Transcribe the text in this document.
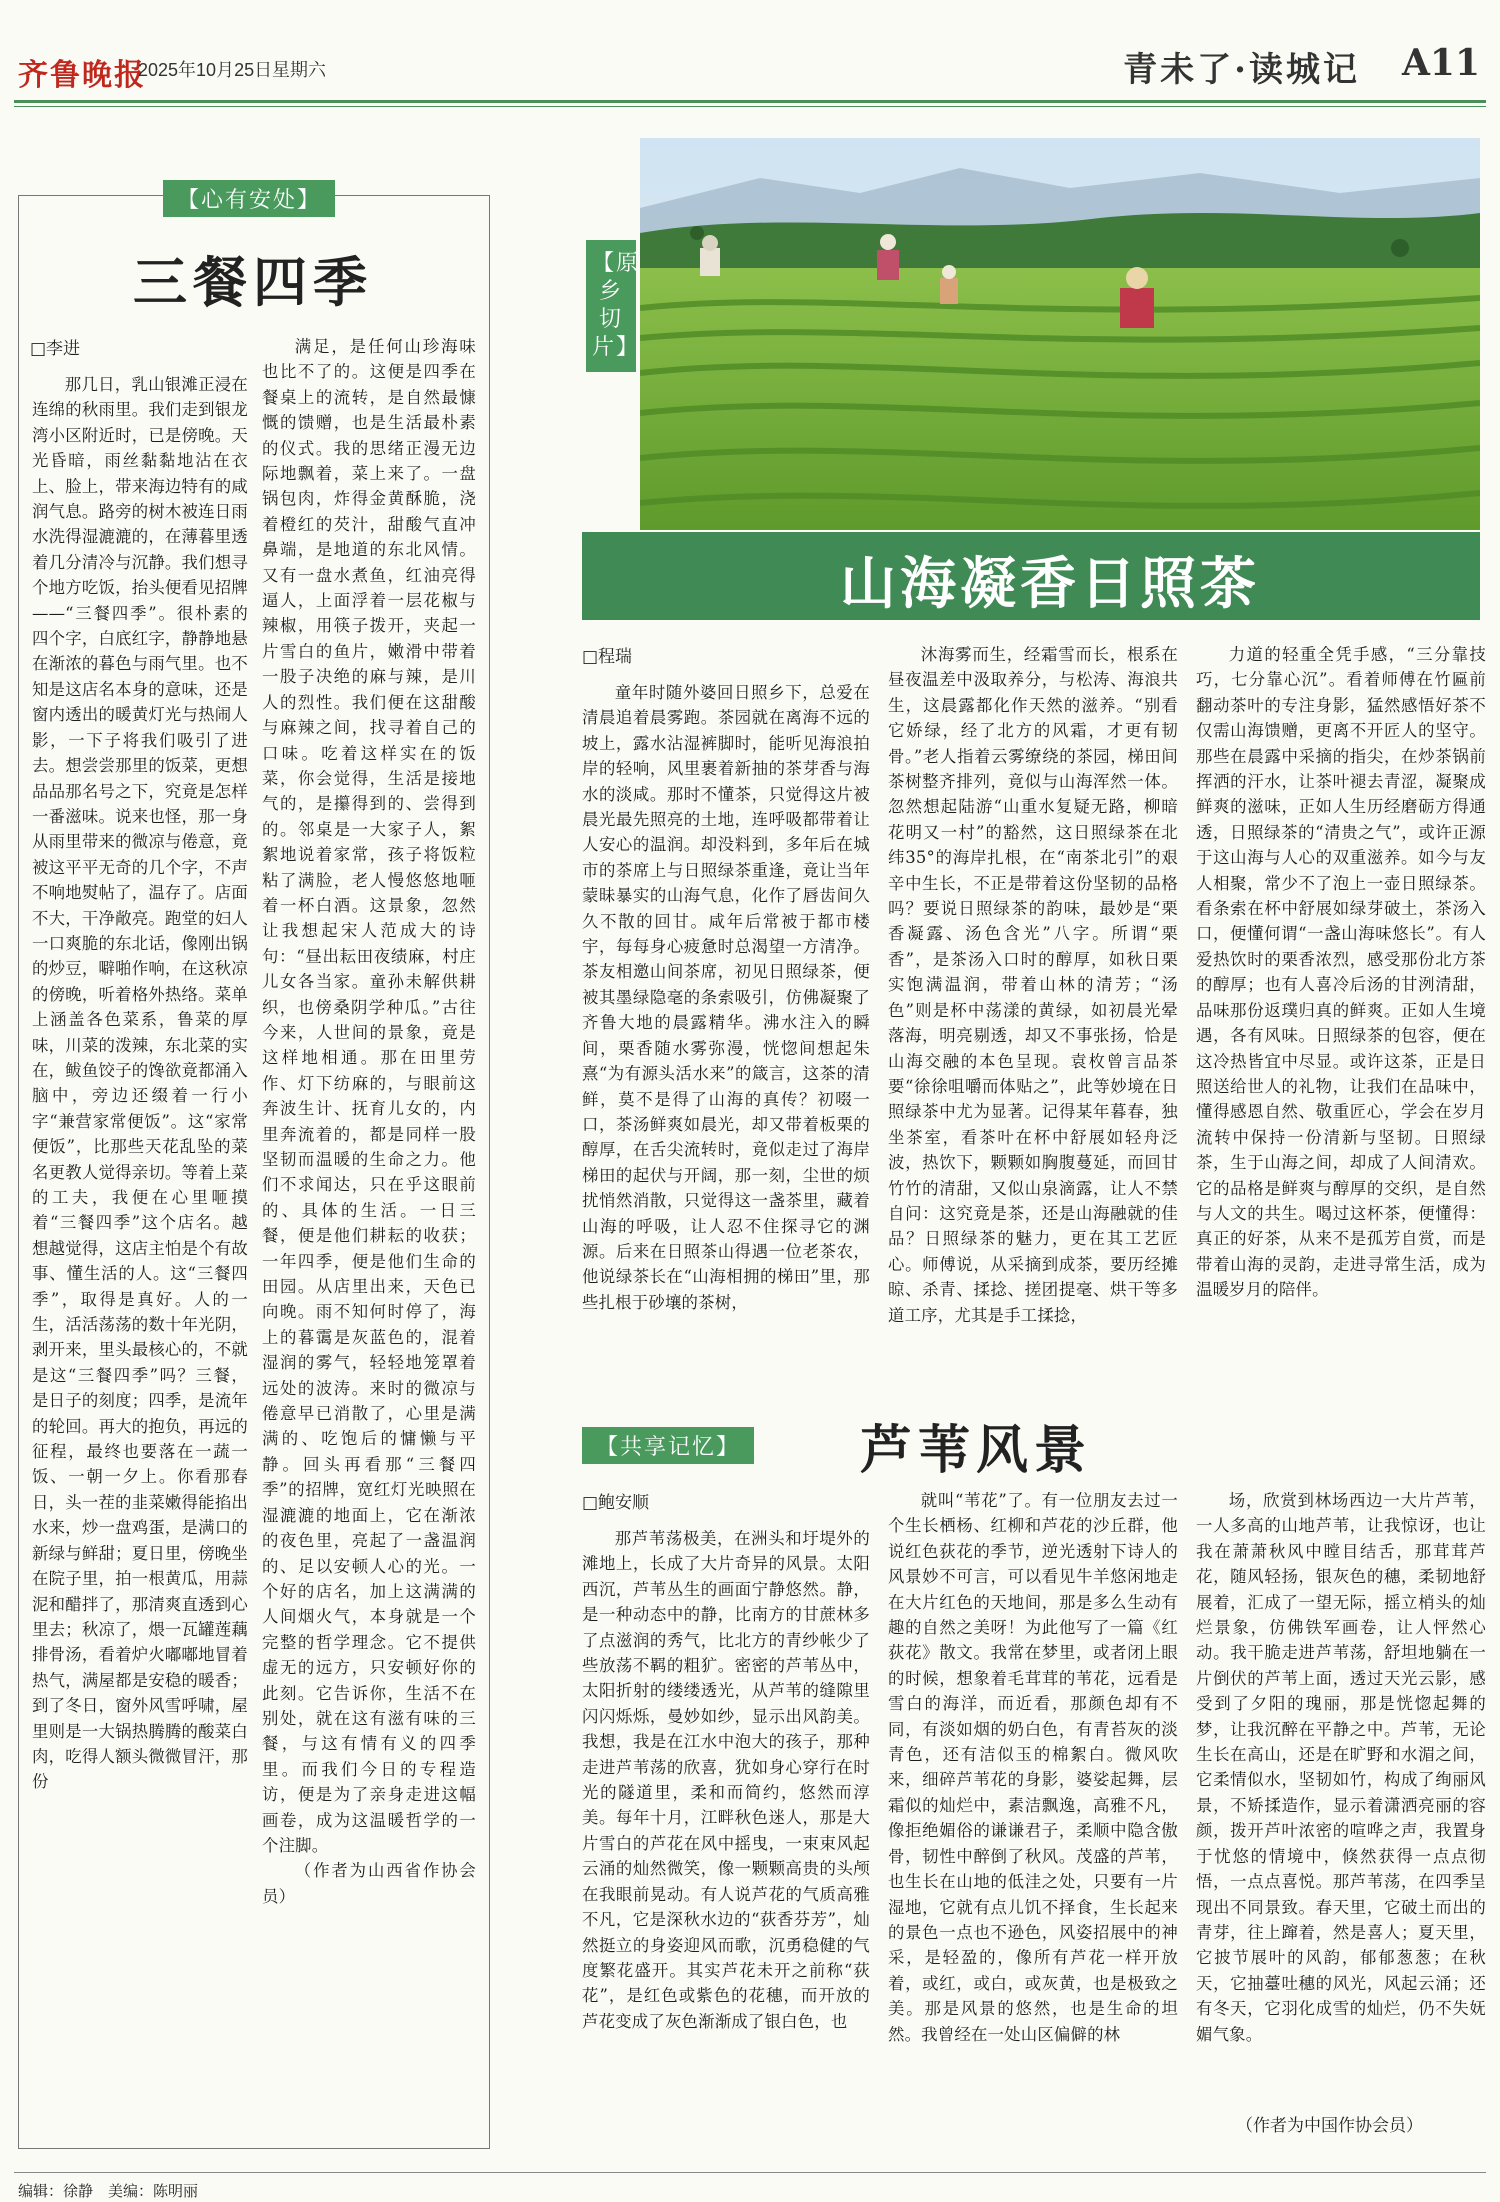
齐鲁晚报
2025年10月25日 星期六	青未了·读城记 A11
【心有安处】
三餐四季
□李进

那几日，乳山银滩正浸在连绵的秋雨里。我们走到银龙湾小区附近时，已是傍晚。天光昏暗，雨丝黏黏地沾在衣上、脸上，带来海边特有的咸润气息。路旁的树木被连日雨水洗得湿漉漉的，在薄暮里透着几分清冷与沉静。我们想寻个地方吃饭，抬头便看见招牌——“三餐四季”。很朴素的四个字，白底红字，静静地悬在渐浓的暮色与雨气里。也不知是这店名本身的意味，还是窗内透出的暖黄灯光与热闹人影，一下子将我们吸引了进去。想尝尝那里的饭菜，更想品品那名号之下，究竟是怎样一番滋味。说来也怪，那一身从雨里带来的微凉与倦意，竟被这平平无奇的几个字，不声不响地熨帖了，温存了。店面不大，干净敞亮。跑堂的妇人一口爽脆的东北话，像刚出锅的炒豆，噼啪作响，在这秋凉的傍晚，听着格外热络。菜单上涵盖各色菜系，鲁菜的厚味，川菜的泼辣，东北菜的实在，鲅鱼饺子的馋欲竟都涌入脑中，旁边还缀着一行小字“兼营家常便饭”。这“家常便饭”，比那些天花乱坠的菜名更教人觉得亲切。等着上菜的工夫，我便在心里咂摸着“三餐四季”这个店名。越想越觉得，这店主怕是个有故事、懂生活的人。这“三餐四季”，取得是真好。人的一生，活活荡荡的数十年光阴，剥开来，里头最核心的，不就是这“三餐四季”吗？三餐，是日子的刻度；四季，是流年的轮回。再大的抱负，再远的征程，最终也要落在一蔬一饭、一朝一夕上。你看那春日，头一茬的韭菜嫩得能掐出水来，炒一盘鸡蛋，是满口的新绿与鲜甜；夏日里，傍晚坐在院子里，拍一根黄瓜，用蒜泥和醋拌了，那清爽直透到心里去；秋凉了，煨一瓦罐莲藕排骨汤，看着炉火嘟嘟地冒着热气，满屋都是安稳的暖香；到了冬日，窗外风雪呼啸，屋里则是一大锅热腾腾的酸菜白肉，吃得人额头微微冒汗，那份

满足，是任何山珍海味也比不了的。这便是四季在餐桌上的流转，是自然最慷慨的馈赠，也是生活最朴素的仪式。我的思绪正漫无边际地飘着，菜上来了。一盘锅包肉，炸得金黄酥脆，浇着橙红的芡汁，甜酸气直冲鼻端，是地道的东北风情。又有一盘水煮鱼，红油亮得逼人，上面浮着一层花椒与辣椒，用筷子拨开，夹起一片雪白的鱼片，嫩滑中带着一股子决绝的麻与辣，是川人的烈性。我们便在这甜酸与麻辣之间，找寻着自己的口味。吃着这样实在的饭菜，你会觉得，生活是接地气的，是攥得到的、尝得到的。邻桌是一大家子人，絮絮地说着家常，孩子将饭粒粘了满脸，老人慢悠悠地咂着一杯白酒。这景象，忽然让我想起宋人范成大的诗句：“昼出耘田夜绩麻，村庄儿女各当家。童孙未解供耕织，也傍桑阴学种瓜。”古往今来，人世间的景象，竟是这样地相通。那在田里劳作、灯下纺麻的，与眼前这奔波生计、抚育儿女的，内里奔流着的，都是同样一股坚韧而温暖的生命之力。他们不求闻达，只在乎这眼前的、具体的生活。一日三餐，便是他们耕耘的收获；一年四季，便是他们生命的田园。从店里出来，天色已向晚。雨不知何时停了，海上的暮霭是灰蓝色的，混着湿润的雾气，轻轻地笼罩着远处的波涛。来时的微凉与倦意早已消散了，心里是满满的、吃饱后的慵懒与平静。回头再看那“三餐四季”的招牌，宽红灯光映照在湿漉漉的地面上，它在渐浓的夜色里，亮起了一盏温润的、足以安顿人心的光。一个好的店名，加上这满满的人间烟火气，本身就是一个完整的哲学理念。它不提供虚无的远方，只安顿好你的此刻。它告诉你，生活不在别处，就在这有滋有味的三餐，与这有情有义的四季里。而我们今日的专程造访，便是为了亲身走进这幅画卷，成为这温暖哲学的一个注脚。

（作者为山西省作协会员）

【原乡切片】
山海凝香日照茶
□程瑞

童年时随外婆回日照乡下，总爱在清晨追着晨雾跑。茶园就在离海不远的坡上，露水沾湿裤脚时，能听见海浪拍岸的轻响，风里裹着新抽的茶芽香与海水的淡咸。那时不懂茶，只觉得这片被晨光最先照亮的土地，连呼吸都带着让人安心的温润。却没料到，多年后在城市的茶席上与日照绿茶重逢，竟让当年蒙昧暴实的山海气息，化作了唇齿间久久不散的回甘。咸年后常被于都市楼宇，每每身心疲惫时总渴望一方清净。茶友相邀山间茶席，初见日照绿茶，便被其墨绿隐毫的条索吸引，仿佛凝聚了齐鲁大地的晨露精华。沸水注入的瞬间，栗香随水雾弥漫，恍惚间想起朱熹“为有源头活水来”的箴言，这茶的清鲜，莫不是得了山海的真传？初啜一口，茶汤鲜爽如晨光，却又带着板栗的醇厚，在舌尖流转时，竟似走过了海岸梯田的起伏与开阔，那一刻，尘世的烦扰悄然消散，只觉得这一盏茶里，藏着山海的呼吸，让人忍不住探寻它的渊源。后来在日照茶山得遇一位老茶农，他说绿茶长在“山海相拥的梯田”里，那些扎根于砂壤的茶树，

沐海雾而生，经霜雪而长，根系在昼夜温差中汲取养分，与松涛、海浪共生，这晨露都化作天然的滋养。“别看它娇绿，经了北方的风霜，才更有韧骨。”老人指着云雾缭绕的茶园，梯田间茶树整齐排列，竟似与山海浑然一体。忽然想起陆游“山重水复疑无路，柳暗花明又一村”的豁然，这日照绿茶在北纬35°的海岸扎根，在“南茶北引”的艰辛中生长，不正是带着这份坚韧的品格吗？要说日照绿茶的韵味，最妙是“栗香凝露、汤色含光”八字。所谓“栗香”，是茶汤入口时的醇厚，如秋日栗实饱满温润，带着山林的清芳；“汤色”则是杯中荡漾的黄绿，如初晨光晕落海，明亮剔透，却又不事张扬，恰是山海交融的本色呈现。袁枚曾言品茶要“徐徐咀嚼而体贴之”，此等妙境在日照绿茶中尤为显著。记得某年暮春，独坐茶室，看茶叶在杯中舒展如轻舟泛波，热饮下，颗颗如胸腹蔓延，而回甘竹竹的清甜，又似山泉滴露，让人不禁自问：这究竟是茶，还是山海融就的佳品？日照绿茶的魅力，更在其工艺匠心。师傅说，从采摘到成茶，要历经摊晾、杀青、揉捻、搓团提毫、烘干等多道工序，尤其是手工揉捻，

力道的轻重全凭手感，“三分靠技巧，七分靠心沉”。看着师傅在竹匾前翻动茶叶的专注身影，猛然感悟好茶不仅需山海馈赠，更离不开匠人的坚守。那些在晨露中采摘的指尖，在炒茶锅前挥洒的汗水，让茶叶褪去青涩，凝聚成鲜爽的滋味，正如人生历经磨砺方得通透，日照绿茶的“清贵之气”，或许正源于这山海与人心的双重滋养。如今与友人相聚，常少不了泡上一壶日照绿茶。看条索在杯中舒展如绿芽破土，茶汤入口，便懂何谓“一盏山海味悠长”。有人爱热饮时的栗香浓烈，感受那份北方茶的醇厚；也有人喜冷后汤的甘洌清甜，品味那份返璞归真的鲜爽。正如人生境遇，各有风味。日照绿茶的包容，便在这冷热皆宜中尽显。或许这茶，正是日照送给世人的礼物，让我们在品味中，懂得感恩自然、敬重匠心，学会在岁月流转中保持一份清新与坚韧。日照绿茶，生于山海之间，却成了人间清欢。它的品格是鲜爽与醇厚的交织，是自然与人文的共生。喝过这杯茶，便懂得：真正的好茶，从来不是孤芳自赏，而是带着山海的灵韵，走进寻常生活，成为温暖岁月的陪伴。

【共享记忆】 芦苇风景
□鲍安顺

那芦苇荡极美，在洲头和圩堤外的滩地上，长成了大片奇异的风景。太阳西沉，芦苇丛生的画面宁静悠然。静，是一种动态中的静，比南方的甘蔗林多了点滋润的秀气，比北方的青纱帐少了些放荡不羁的粗犷。密密的芦苇丛中，太阳折射的缕缕透光，从芦苇的缝隙里闪闪烁烁，曼妙如纱，显示出风韵美。我想，我是在江水中泡大的孩子，那种走进芦苇荡的欣喜，犹如身心穿行在时光的隧道里，柔和而简约，悠然而淳美。每年十月，江畔秋色迷人，那是大片雪白的芦花在风中摇曳，一束束风起云涌的灿然微笑，像一颗颗高贵的头颅在我眼前晃动。有人说芦花的气质高雅不凡，它是深秋水边的“荻香芬芳”，灿然挺立的身姿迎风而歌，沉勇稳健的气度繁花盛开。其实芦花未开之前称“荻花”，是红色或紫色的花穗，而开放的芦花变成了灰色渐渐成了银白色，也

就叫“苇花”了。有一位朋友去过一个生长栖杨、红柳和芦花的沙丘群，他说红色荻花的季节，逆光透射下诗人的风景妙不可言，可以看见牛羊悠闲地走在大片红色的天地间，那是多么生动有趣的自然之美呀！为此他写了一篇《红荻花》散文。我常在梦里，或者闭上眼的时候，想象着毛茸茸的苇花，远看是雪白的海洋，而近看，那颜色却有不同，有淡如烟的奶白色，有青苔灰的淡青色，还有洁似玉的棉絮白。微风吹来，细碎芦苇花的身影，婆娑起舞，层霜似的灿烂中，素洁飘逸，高雅不凡，像拒绝媚俗的谦谦君子，柔顺中隐含傲骨，韧性中醉倒了秋风。茂盛的芦苇，也生长在山地的低洼之处，只要有一片湿地，它就有点儿饥不择食，生长起来的景色一点也不逊色，风姿招展中的神采，是轻盈的，像所有芦花一样开放着，或红，或白，或灰黄，也是极致之美。那是风景的悠然，也是生命的坦然。我曾经在一处山区偏僻的林

场，欣赏到林场西边一大片芦苇，一人多高的山地芦苇，让我惊讶，也让我在萧萧秋风中瞠目结舌，那茸茸芦花，随风轻扬，银灰色的穗，柔韧地舒展着，汇成了一望无际，摇立梢头的灿烂景象，仿佛铁军画卷，让人怦然心动。我干脆走进芦苇荡，舒坦地躺在一片倒伏的芦苇上面，透过天光云影，感受到了夕阳的瑰丽，那是恍惚起舞的梦，让我沉醉在平静之中。芦苇，无论生长在高山，还是在旷野和水湄之间，它柔情似水，坚韧如竹，构成了绚丽风景，不矫揉造作，显示着潇洒亮丽的容颜，拨开芦叶浓密的喧哗之声，我置身于忧悠的情境中，倏然获得一点点彻悟，一点点喜悦。那芦苇荡，在四季呈现出不同景致。春天里，它破土而出的青芽，往上蹿着，然是喜人；夏天里，它披节展叶的风韵，郁郁葱葱；在秋天，它抽薹吐穗的风光，风起云涌；还有冬天，它羽化成雪的灿烂，仍不失妩媚气象。

（作者为中国作协会员）
编辑：徐静　美编：陈明丽
